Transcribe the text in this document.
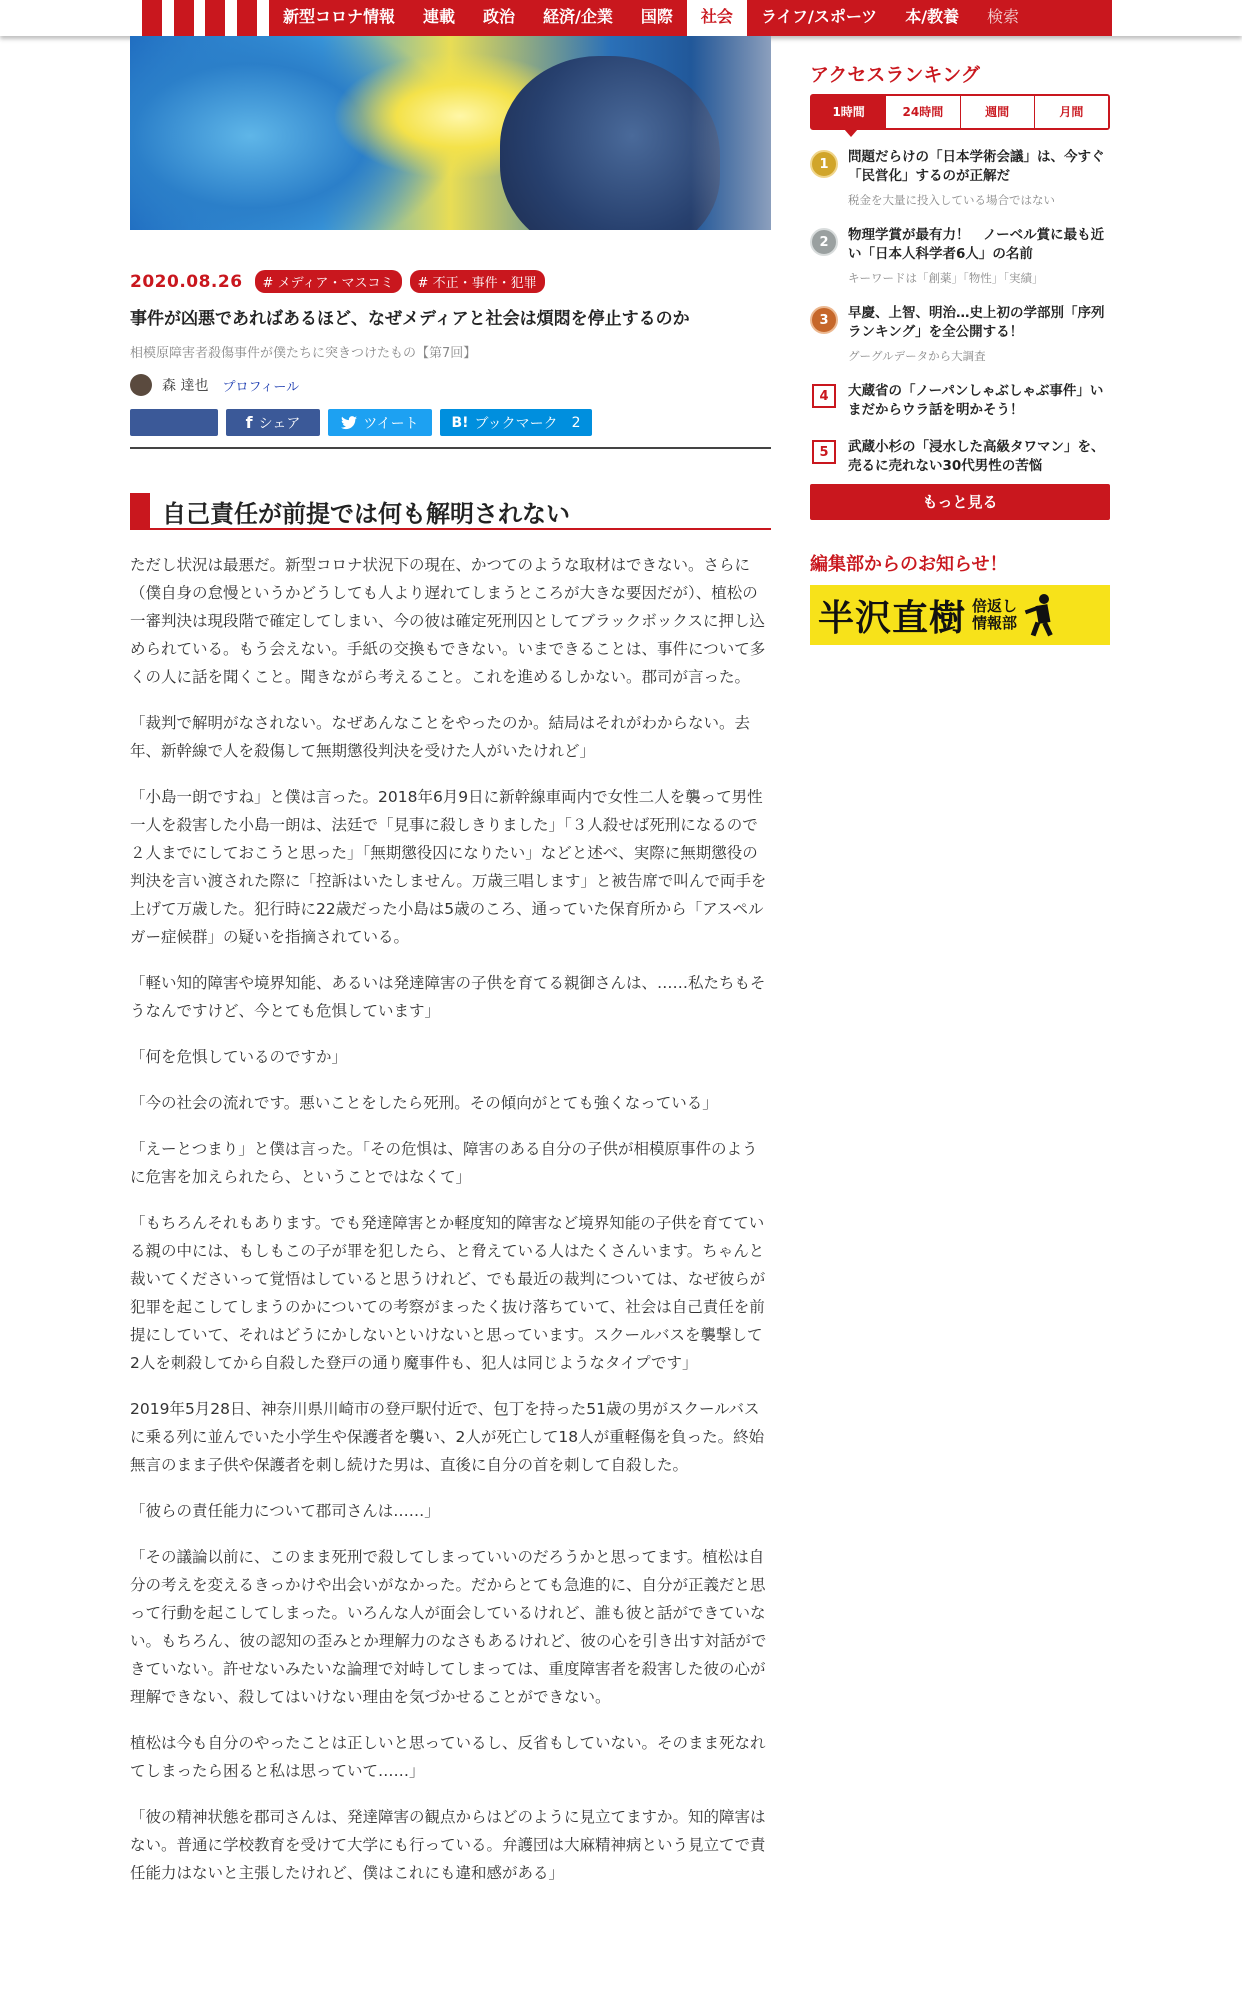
新型コロナ情報	連載	政治	経済/企業	国際	社会	ライフ/スポーツ	本/教養	検索
2020.08.26	# メディア・マスコミ	# 不正・事件・犯罪
事件が凶悪であればあるほど、なぜメディアと社会は煩悶を停止するのか
相模原障害者殺傷事件が僕たちに突きつけたもの【第7回】
森 達也 プロフィール
f シェア	ツイート B! ブックマーク 2
自己責任が前提では何も解明されない

ただし状況は最悪だ。新型コロナ状況下の現在、かつてのような取材はできない。さらに（僕自身の怠慢というかどうしても人より遅れてしまうところが大きな要因だが）、植松の一審判決は現段階で確定してしまい、今の彼は確定死刑囚としてブラックボックスに押し込められている。もう会えない。手紙の交換もできない。いまできることは、事件について多くの人に話を聞くこと。聞きながら考えること。これを進めるしかない。郡司が言った。

「裁判で解明がなされない。なぜあんなことをやったのか。結局はそれがわからない。去年、新幹線で人を殺傷して無期懲役判決を受けた人がいたけれど」

「小島一朗ですね」と僕は言った。2018年6月9日に新幹線車両内で女性二人を襲って男性一人を殺害した小島一朗は、法廷で「見事に殺しきりました」「３人殺せば死刑になるので２人までにしておこうと思った」「無期懲役囚になりたい」などと述べ、実際に無期懲役の判決を言い渡された際に「控訴はいたしません。万歳三唱します」と被告席で叫んで両手を上げて万歳した。犯行時に22歳だった小島は5歳のころ、通っていた保育所から「アスペルガー症候群」の疑いを指摘されている。

「軽い知的障害や境界知能、あるいは発達障害の子供を育てる親御さんは、……私たちもそうなんですけど、今とても危惧しています」

「何を危惧しているのですか」

「今の社会の流れです。悪いことをしたら死刑。その傾向がとても強くなっている」

「えーとつまり」と僕は言った。「その危惧は、障害のある自分の子供が相模原事件のように危害を加えられたら、ということではなくて」

「もちろんそれもあります。でも発達障害とか軽度知的障害など境界知能の子供を育てている親の中には、もしもこの子が罪を犯したら、と脅えている人はたくさんいます。ちゃんと裁いてくださいって覚悟はしていると思うけれど、でも最近の裁判については、なぜ彼らが犯罪を起こしてしまうのかについての考察がまったく抜け落ちていて、社会は自己責任を前提にしていて、それはどうにかしないといけないと思っています。スクールバスを襲撃して2人を刺殺してから自殺した登戸の通り魔事件も、犯人は同じようなタイプです」

2019年5月28日、神奈川県川崎市の登戸駅付近で、包丁を持った51歳の男がスクールバスに乗る列に並んでいた小学生や保護者を襲い、2人が死亡して18人が重軽傷を負った。終始無言のまま子供や保護者を刺し続けた男は、直後に自分の首を刺して自殺した。

「彼らの責任能力について郡司さんは……」

「その議論以前に、このまま死刑で殺してしまっていいのだろうかと思ってます。植松は自分の考えを変えるきっかけや出会いがなかった。だからとても急進的に、自分が正義だと思って行動を起こしてしまった。いろんな人が面会しているけれど、誰も彼と話ができていない。もちろん、彼の認知の歪みとか理解力のなさもあるけれど、彼の心を引き出す対話ができていない。許せないみたいな論理で対峙してしまっては、重度障害者を殺害した彼の心が理解できない、殺してはいけない理由を気づかせることができない。

植松は今も自分のやったことは正しいと思っているし、反省もしていない。そのまま死なれてしまったら困ると私は思っていて……」

「彼の精神状態を郡司さんは、発達障害の観点からはどのように見立てますか。知的障害はない。普通に学校教育を受けて大学にも行っている。弁護団は大麻精神病という見立てで責任能力はないと主張したけれど、僕はこれにも違和感がある」

アクセスランキング
1時間	24時間	週間	月間
1	問題だらけの「日本学術会議」は、今すぐ「民営化」するのが正解だ
税金を大量に投入している場合ではない
2	物理学賞が最有力！　ノーベル賞に最も近い「日本人科学者6人」の名前
キーワードは「創薬」「物性」「実績」
3	早慶、上智、明治…史上初の学部別「序列ランキング」を全公開する！
グーグルデータから大調査
4	大蔵省の「ノーパンしゃぶしゃぶ事件」いまだからウラ話を明かそう！
5	武蔵小杉の「浸水した高級タワマン」を、売るに売れない30代男性の苦悩
もっと見る
編集部からのお知らせ！
半沢直樹 倍返し
情報部
